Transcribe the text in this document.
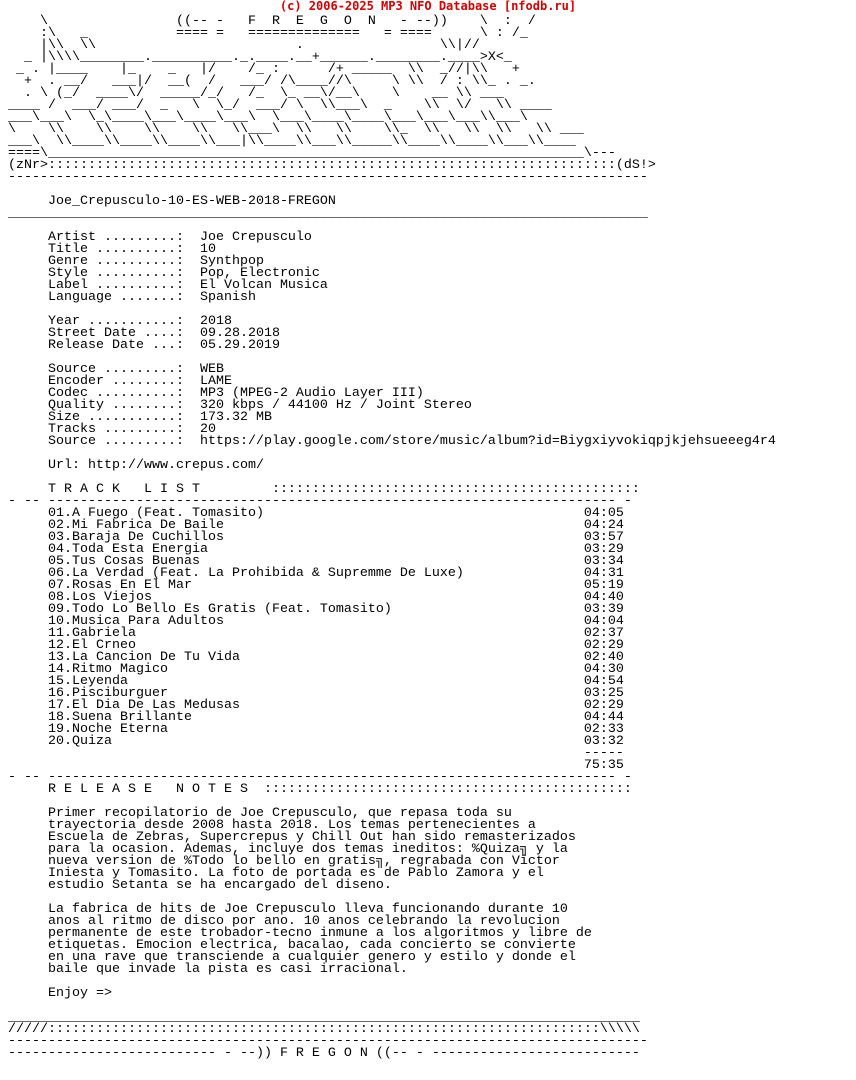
(c) 2006-2025 MP3 NFO Database [nfodb.ru]
\                ((-- -   F  R  E  G  O  N   - --))    \  :  /
:\   _           ==== =   ==============   = ====      \ : /_
|\\  \\                         .                 \\|//
_ |\\\\________.__________._.____.__+______.________.____>X<_
_ . |____    |_    _   |/    /_ :      /+ _____  \\  _//|\\   +
+  . __/   ___|/  __(  /   ___/ /\____//\     \ \\  / : \\_ . _.
. \ (_/  ____\/  _____/_/   /_  \_ __\/__\    \    __ \\ ___
____ /  ___/ ___/  _   \  \_/  ___/ \  \\___\  _    \\  \/   \\ ____
___\___\  \_\____\___\____\___\  \___\____\____\___\___\___\\___\
\    \\    \\    \\    \\   \\___\  \\   \\    \\_  \\   \\  \\   \\ ___
___\  \\____\\____\\____\\___|\\____\\___\\_____\\____\\____\\___\\____
====\___________________________________________________________________\---
(zNr>:::::::::::::::::::::::::::::::::::::::::::::::::::::::::::::::::::::::(dS!>
--------------------------------------------------------------------------------

Joe_Crepusculo-10-ES-WEB-2018-FREGON
________________________________________________________________________________

Artist .........:  Joe Crepusculo
Title ..........:  10
Genre ..........:  Synthpop
Style ..........:  Pop, Electronic
Label ..........:  El Volcan Musica
Language .......:  Spanish

Year ...........:  2018
Street Date ....:  09.28.2018
Release Date ...:  05.29.2019

Source .........:  WEB
Encoder ........:  LAME
Codec ..........:  MP3 (MPEG-2 Audio Layer III)
Quality ........:  320 kbps / 44100 Hz / Joint Stereo
Size ...........:  173.32 MB
Tracks .........:  20
Source .........:  https://play.google.com/store/music/album?id=Biygxiyvokiqpjkjehsueeeg4r4

Url: http://www.crepus.com/

T R A C K   L I S T         ::::::::::::::::::::::::::::::::::::::::::::::
- -- ----------------------------------------------------------------------- -
01.A Fuego (Feat. Tomasito)                                        04:05
02.Mi Fabrica De Baile                                             04:24
03.Baraja De Cuchillos                                             03:57
04.Toda Esta Energia                                               03:29
05.Tus Cosas Buenas                                                03:34
06.La Verdad (Feat. La Prohibida & Supremme De Luxe)               04:31
07.Rosas En El Mar                                                 05:19
08.Los Viejos                                                      04:40
09.Todo Lo Bello Es Gratis (Feat. Tomasito)                        03:39
10.Musica Para Adultos                                             04:04
11.Gabriela                                                        02:37
12.El Crneo                                                        02:29
13.La Cancion De Tu Vida                                           02:40
14.Ritmo Magico                                                    04:30
15.Leyenda                                                         04:54
16.Pisciburguer                                                    03:25
17.El Dia De Las Medusas                                           02:29
18.Suena Brillante                                                 04:44
19.Noche Eterna                                                    02:33
20.Quiza                                                           03:32
-----
75:35
- -- ----------------------------------------------------------------------- -
R E L E A S E   N O T E S  ::::::::::::::::::::::::::::::::::::::::::::::

Primer recopilatorio de Joe Crepusculo, que repasa toda su
trayectoria desde 2008 hasta 2018. Los temas pertenecientes a
Escuela de Zebras, Supercrepus y Chill Out han sido remasterizados
para la ocasion. Ademas, incluye dos temas ineditos: %Quiza╗ y la
nueva version de %Todo lo bello en gratis╗, regrabada con Victor
Iniesta y Tomasito. La foto de portada es de Pablo Zamora y el
estudio Setanta se ha encargado del diseno.

La fabrica de hits de Joe Crepusculo lleva funcionando durante 10
anos al ritmo de disco por ano. 10 anos celebrando la revolucion
permanente de este trobador-tecno inmune a los algoritmos y libre de
etiquetas. Emocion electrica, bacalao, cada concierto se convierte
en una rave que transciende a cualquier genero y estilo y donde el
baile que invade la pista es casi irracional.

Enjoy =>

_______________________________________________________________________________
/////:::::::::::::::::::::::::::::::::::::::::::::::::::::::::::::::::::::\\\\\
--------------------------------------------------------------------------------
-------------------------- - --)) F R E G O N ((-- - --------------------------
